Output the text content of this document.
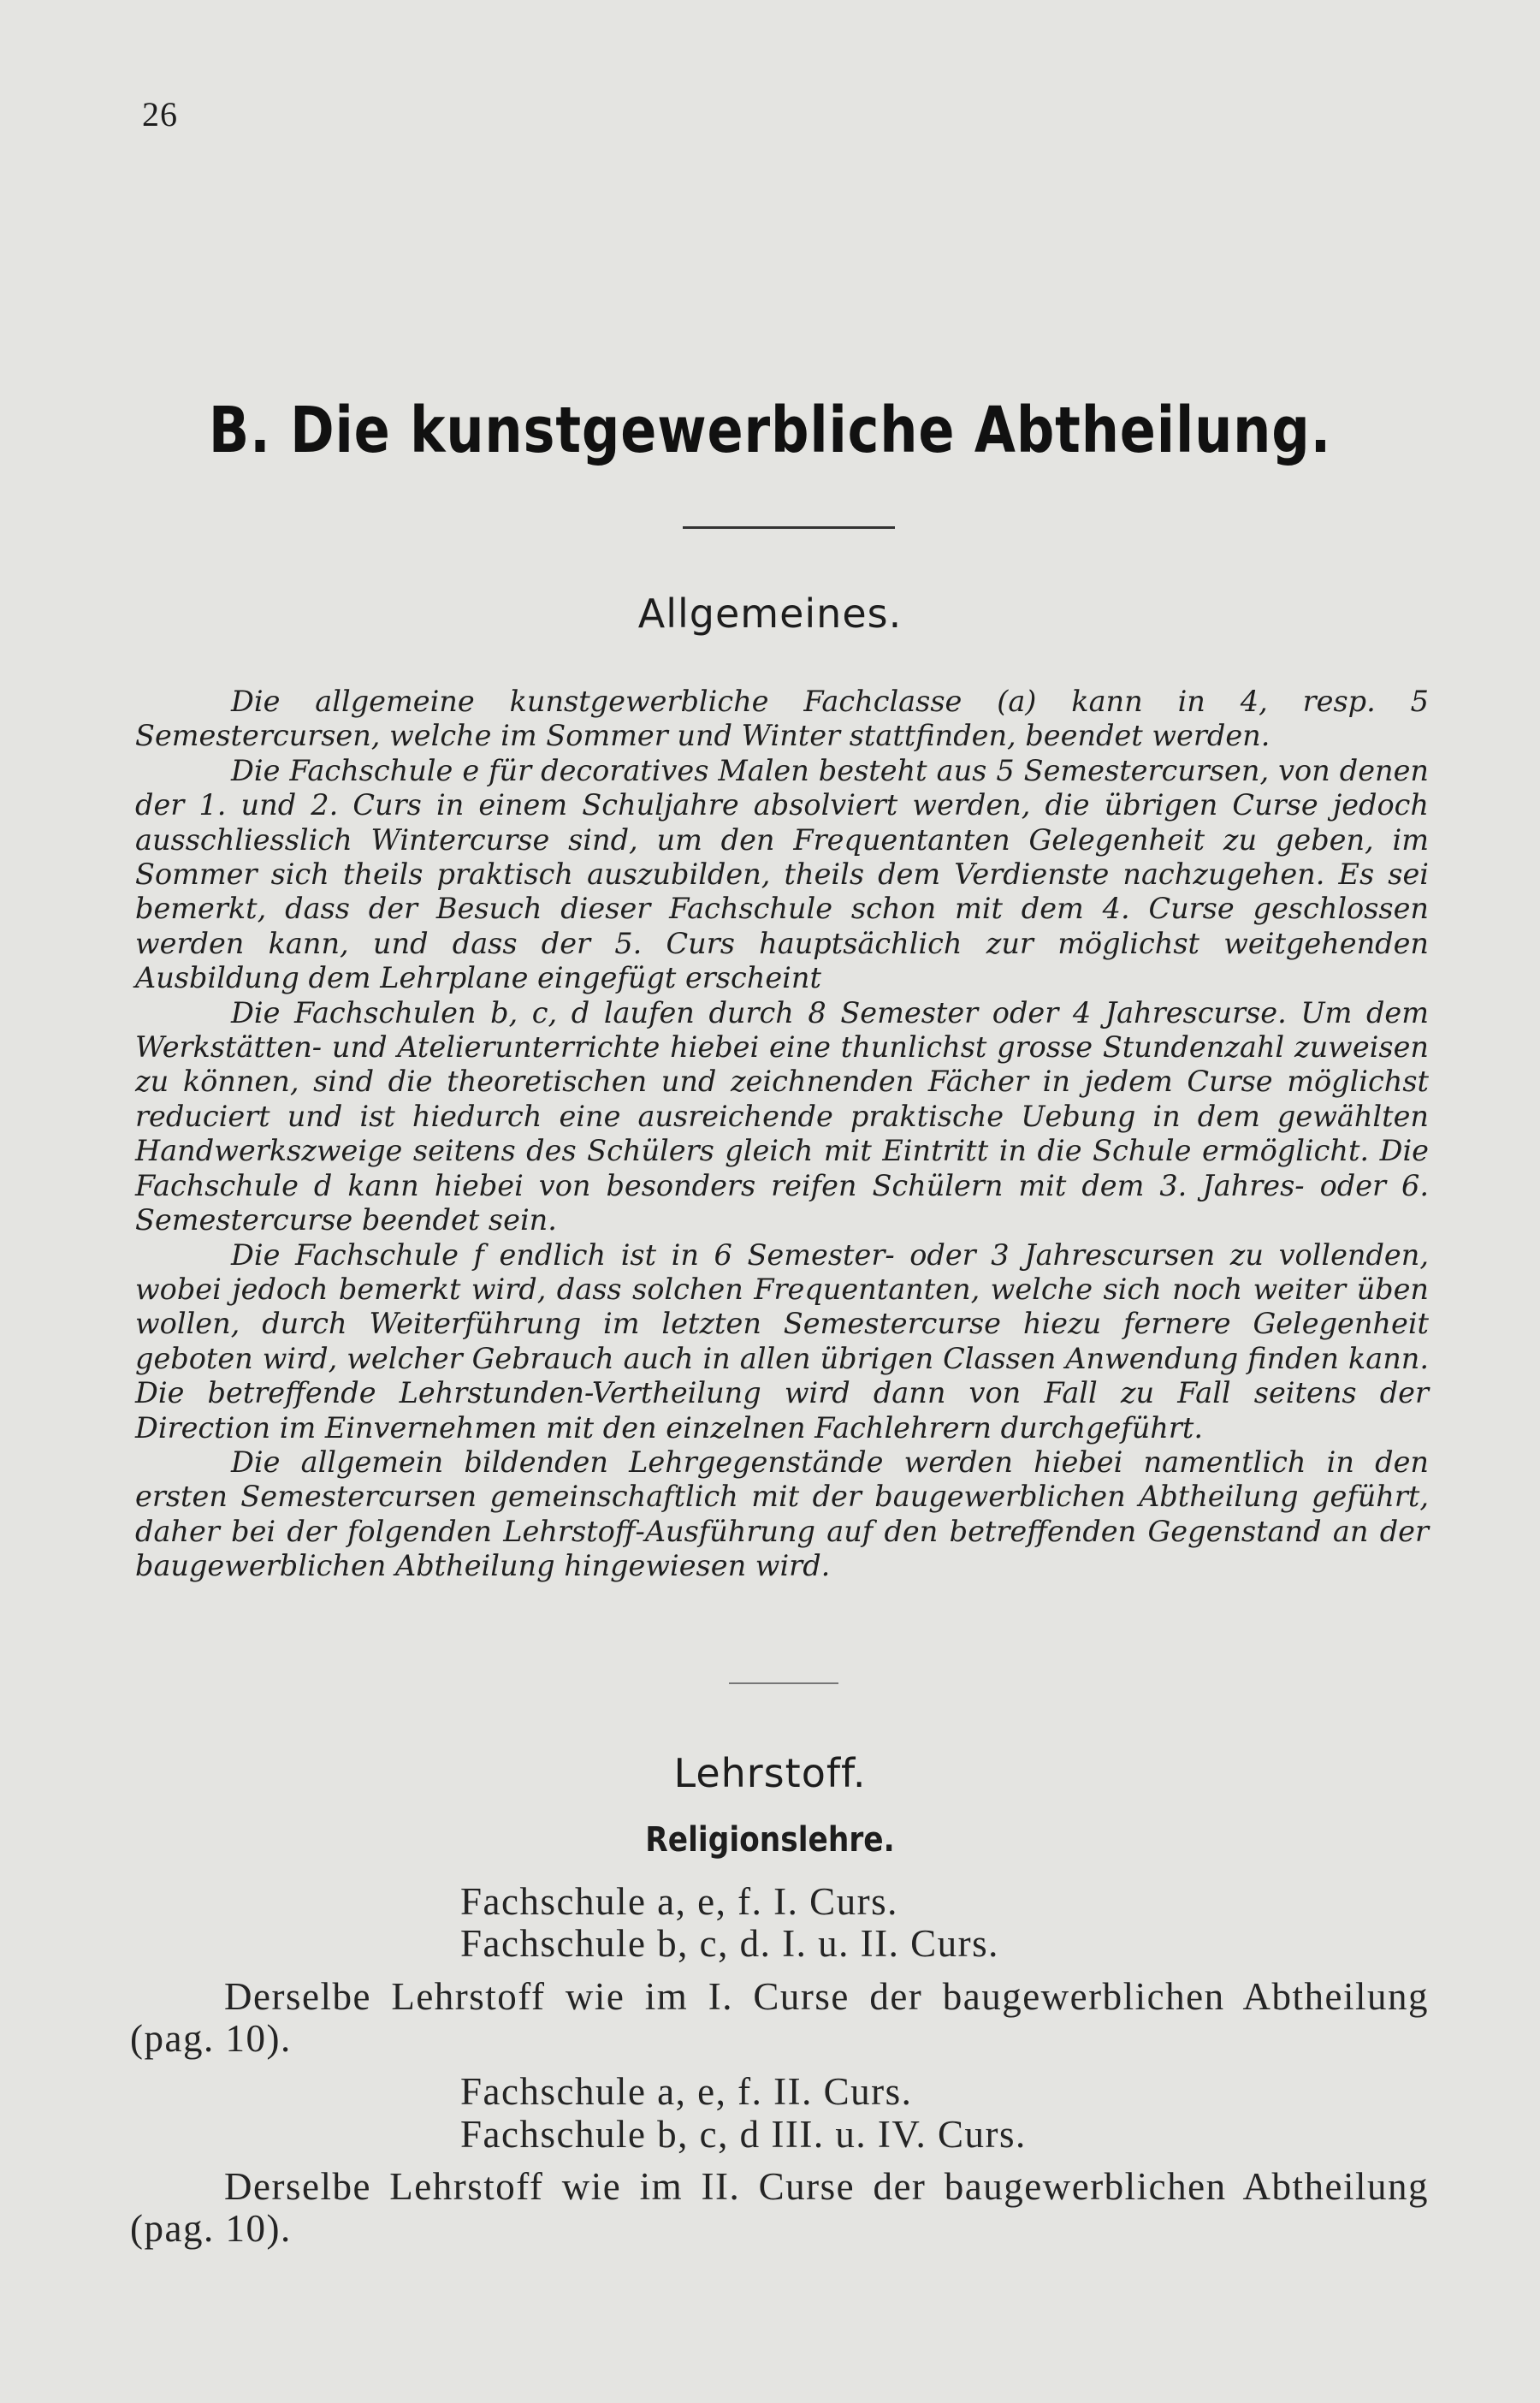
26
B. Die kunstgewerbliche Abtheilung.
Allgemeines.

Die allgemeine kunstgewerbliche Fachclasse (a) kann in 4, resp. 5 Semestercursen, welche im Sommer und Winter stattfinden, beendet werden.

Die Fachschule e für decoratives Malen besteht aus 5 Semestercursen, von denen der 1. und 2. Curs in einem Schuljahre absolviert werden, die übrigen Curse jedoch ausschliesslich Wintercurse sind, um den Frequentanten Gelegenheit zu geben, im Sommer sich theils praktisch auszubilden, theils dem Verdienste nachzugehen. Es sei bemerkt, dass der Besuch dieser Fachschule schon mit dem 4. Curse geschlossen werden kann, und dass der 5. Curs hauptsächlich zur möglichst weitgehenden Ausbildung dem Lehrplane eingefügt erscheint

Die Fachschulen b, c, d laufen durch 8 Semester oder 4 Jahrescurse. Um dem Werkstätten- und Atelierunterrichte hiebei eine thunlichst grosse Stundenzahl zuweisen zu können, sind die theoretischen und zeichnenden Fächer in jedem Curse möglichst reduciert und ist hiedurch eine ausreichende praktische Uebung in dem gewählten Handwerkszweige seitens des Schülers gleich mit Eintritt in die Schule ermöglicht. Die Fachschule d kann hiebei von besonders reifen Schülern mit dem 3. Jahres- oder 6. Semestercurse beendet sein.

Die Fachschule f endlich ist in 6 Semester- oder 3 Jahrescursen zu vollenden, wobei jedoch bemerkt wird, dass solchen Frequentanten, welche sich noch weiter üben wollen, durch Weiterführung im letzten Semestercurse hiezu fernere Gelegenheit geboten wird, welcher Gebrauch auch in allen übrigen Classen Anwendung finden kann. Die betreffende Lehrstunden-Vertheilung wird dann von Fall zu Fall seitens der Direction im Einvernehmen mit den einzelnen Fachlehrern durchgeführt.

Die allgemein bildenden Lehrgegenstände werden hiebei namentlich in den ersten Semestercursen gemeinschaftlich mit der baugewerblichen Abtheilung geführt, daher bei der folgenden Lehrstoff-Ausführung auf den betreffenden Gegenstand an der baugewerblichen Abtheilung hingewiesen wird.

Lehrstoff.
Religionslehre.
Fachschule a, e, f. I. Curs.
Fachschule b, c, d. I. u. II. Curs.
Derselbe Lehrstoff wie im I. Curse der baugewerblichen Abtheilung (pag. 10).
Fachschule a, e, f. II. Curs.
Fachschule b, c, d III. u. IV. Curs.
Derselbe Lehrstoff wie im II. Curse der baugewerblichen Abtheilung (pag. 10).
